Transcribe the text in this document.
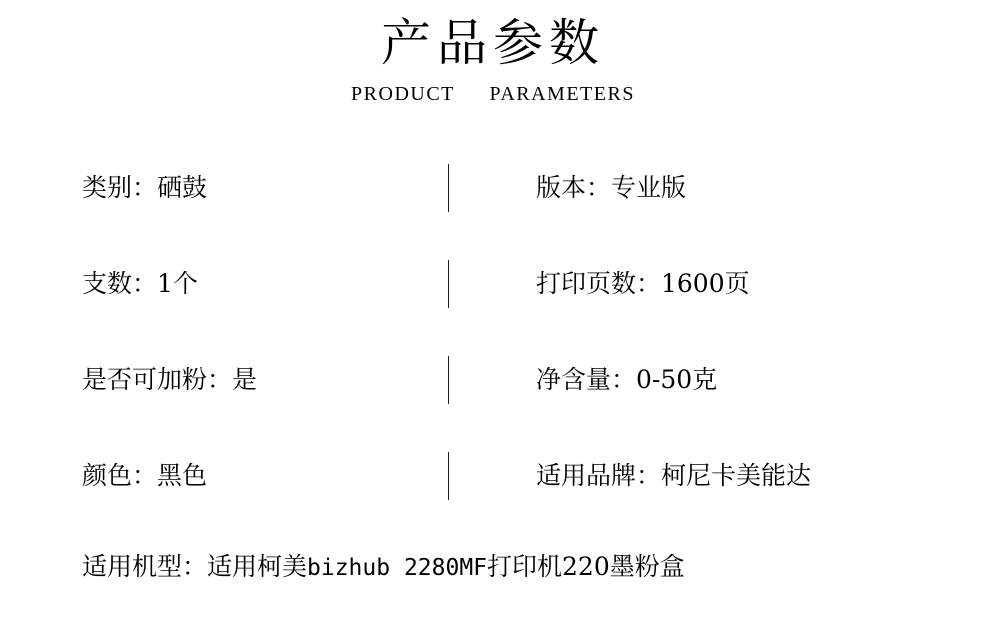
产品参数
PRODUCT PARAMETERS
类别：硒鼓	版本：专业版
支数：1个	打印页数：1600页
是否可加粉：是	净含量：0-50克
颜色：黑色	适用品牌：柯尼卡美能达
适用机型：适用柯美bizhub 2280MF打印机220墨粉盒
